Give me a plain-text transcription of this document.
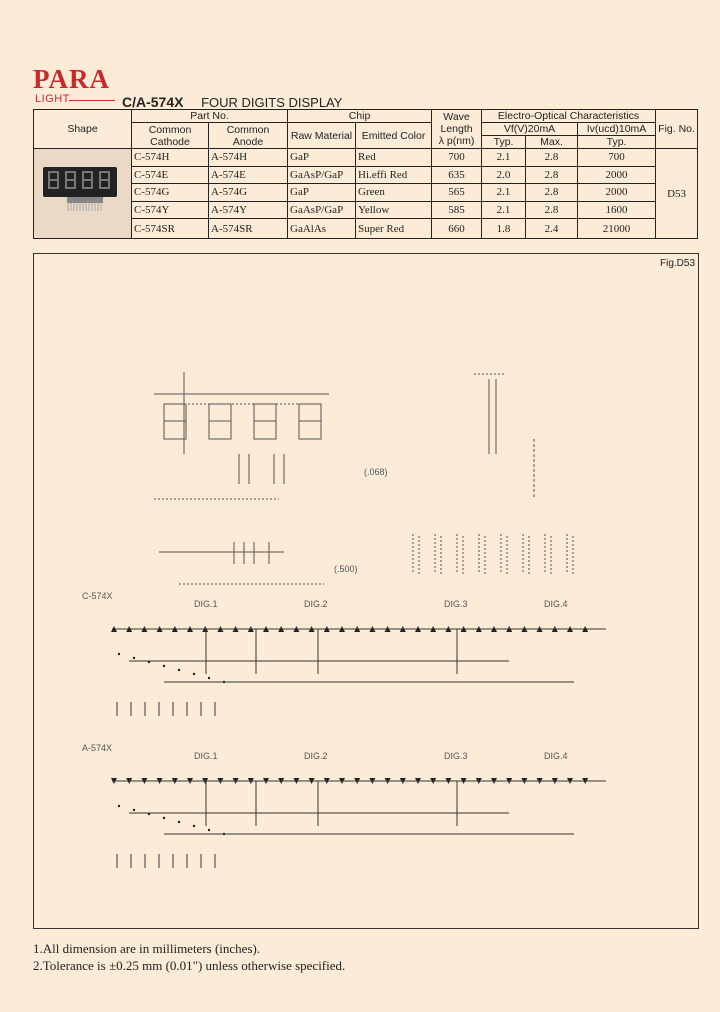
PARA
LIGHT	C/A-574X FOUR DIGITS DISPLAY
Shape	Part No.		Chip		Wave
Length
λ p(nm)	Electro-Optical Characteristics			Fig. No.
	Common Cathode	Common Anode	Raw Material	Emitted Color		Vf(V)20mA		Iv(ucd)10mA	
						Typ.	Max.	Typ.	
	C-574H	A-574H	GaP	Red	700	2.1	2.8	700	D53
	C-574E	A-574E	GaAsP/GaP	Hi.effi Red	635	2.0	2.8	2000	
	C-574G	A-574G	GaP	Green	565	2.1	2.8	2000	
	C-574Y	A-574Y	GaAsP/GaP	Yellow	585	2.1	2.8	1600	
	C-574SR	A-574SR	GaAlAs	Super Red	660	1.8	2.4	21000	
Fig.D53
(.068)
(.500)
C-574X
DIG.1	DIG.2	DIG.3	DIG.4
A-574X
DIG.1	DIG.2	DIG.3	DIG.4
1.All dimension are in millimeters (inches).
2.Tolerance is ±0.25 mm (0.01") unless otherwise specified.
